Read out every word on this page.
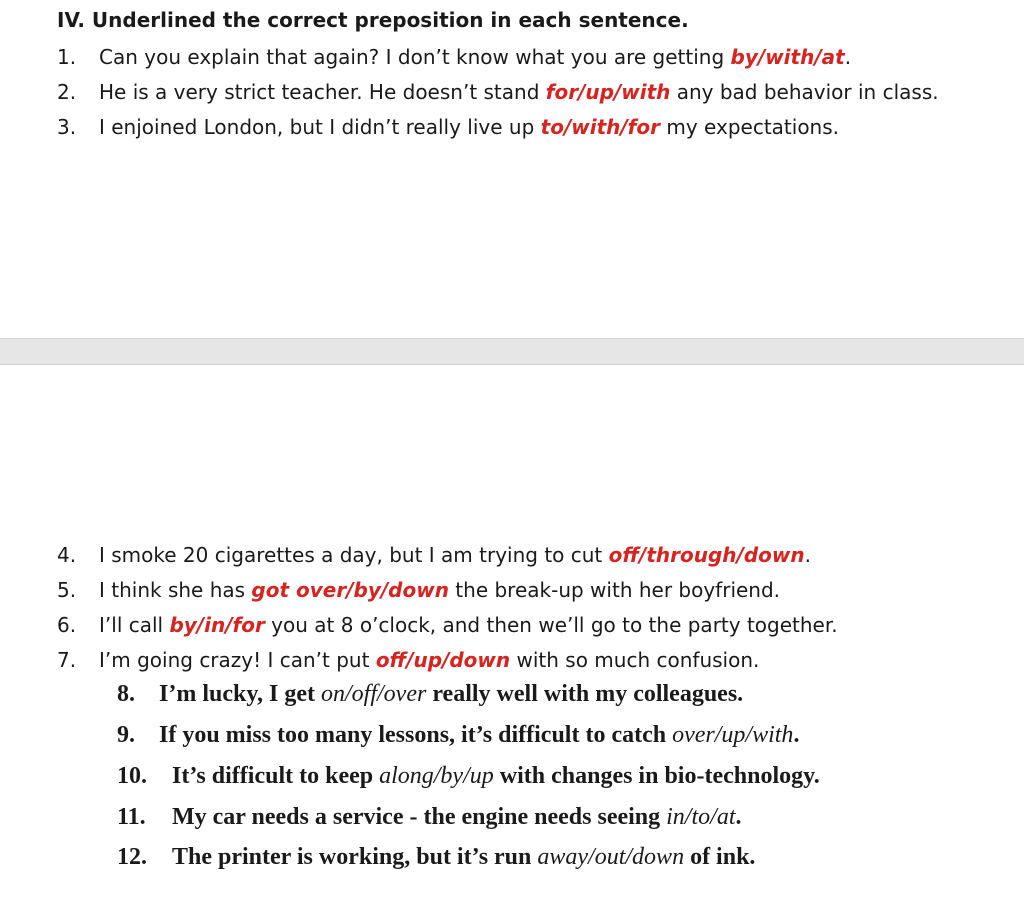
IV. Underlined the correct preposition in each sentence.
1. Can you explain that again? I don’t know what you are getting by/with/at.
2. He is a very strict teacher. He doesn’t stand for/up/with any bad behavior in class.
3. I enjoined London, but I didn’t really live up to/with/for my expectations.
4. I smoke 20 cigarettes a day, but I am trying to cut off/through/down.
5. I think she has got over/by/down the break-up with her boyfriend.
6. I’ll call by/in/for you at 8 o’clock, and then we’ll go to the party together.
7. I’m going crazy! I can’t put off/up/down with so much confusion.
8. I’m lucky, I get on/off/over really well with my colleagues.
9. If you miss too many lessons, it’s difficult to catch over/up/with.
10. It’s difficult to keep along/by/up with changes in bio-technology.
11. My car needs a service - the engine needs seeing in/to/at.
12. The printer is working, but it’s run away/out/down of ink.
